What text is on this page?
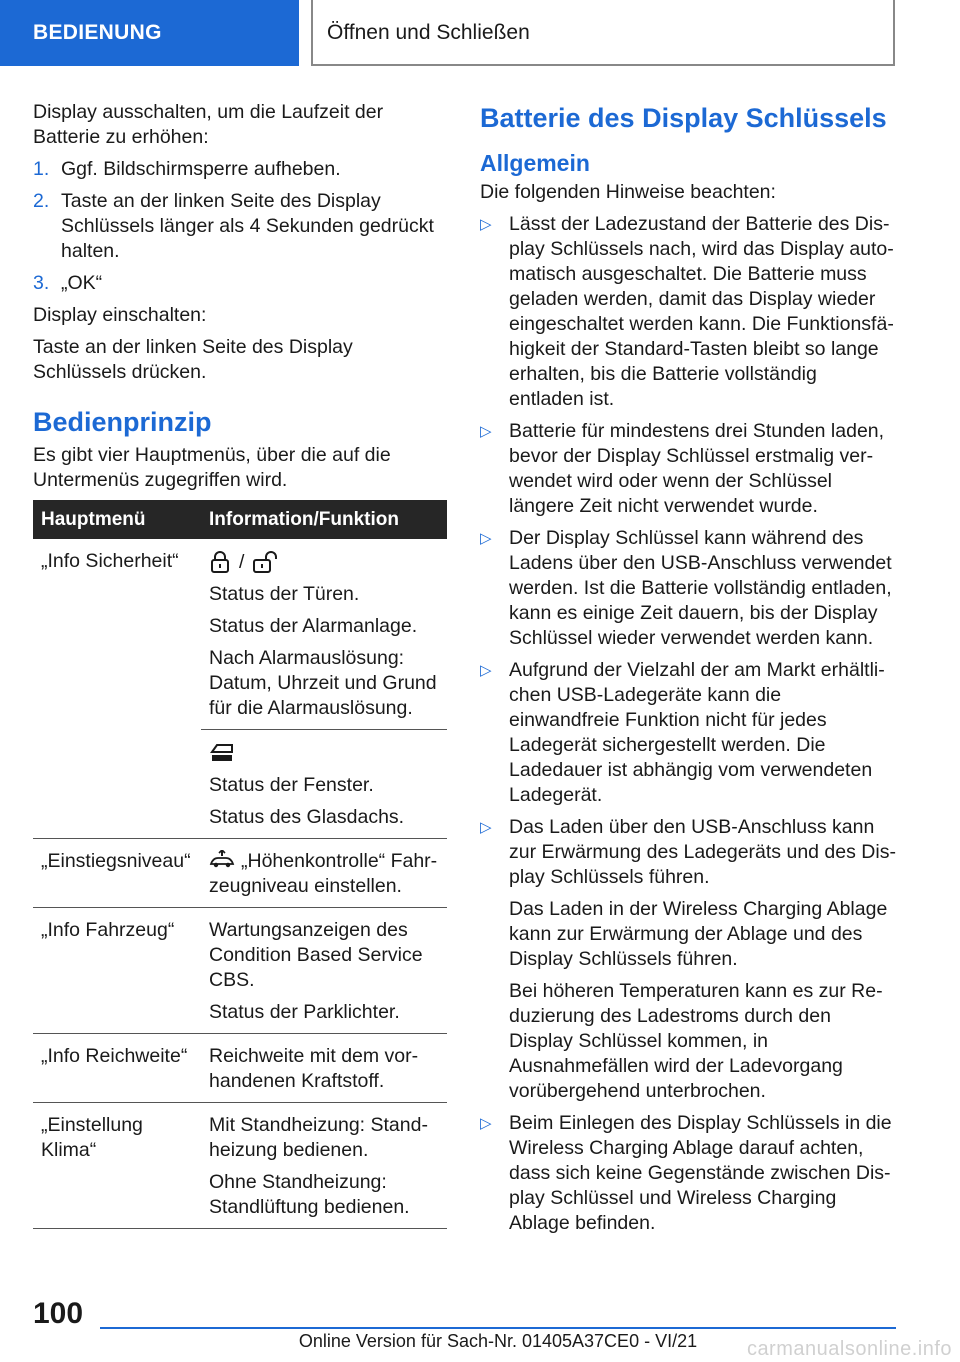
BEDIENUNG	Öffnen und Schließen

Display ausschalten, um die Laufzeit der Batterie zu erhöhen:

1. Ggf. Bildschirmsperre aufheben.
2. Taste an der linken Seite des Display Schlüssels länger als 4 Sekunden gedrückt halten.
3. „OK“

Display einschalten:

Taste an der linken Seite des Display Schlüssels drücken.

Bedienprinzip

Es gibt vier Hauptmenüs, über die auf die Untermenüs zugegriffen wird.

Hauptmenü	Information/Funktion
„Info Sicherheit“	/

Status der Türen.

Status der Alarmanlage.

Nach Alarmauslösung: Datum, Uhrzeit und Grund für die Alarmauslösung.

	Status der Fenster.

Status des Glasdachs.

„Einstiegsniveau“	„Höhenkontrolle“ Fahrzeugniveau einstellen.
„Info Fahrzeug“	Wartungsanzeigen des Condition Based Service CBS.

Status der Parklichter.

„Info Reichweite“	Reichweite mit dem vorhandenen Kraftstoff.
„Einstellung Klima“	Mit Standheizung: Standheizung bedienen.

Ohne Standheizung: Standlüftung bedienen.

Batterie des Display Schlüssels
Allgemein

Die folgenden Hinweise beachten:

▷ Lässt der Ladezustand der Batterie des Display Schlüssels nach, wird das Display automatisch ausgeschaltet. Die Batterie muss geladen werden, damit das Display wieder eingeschaltet werden kann. Die Funktionsfähigkeit der Standard-Tasten bleibt so lange erhalten, bis die Batterie vollständig entladen ist.

▷ Batterie für mindestens drei Stunden laden, bevor der Display Schlüssel erstmalig verwendet wird oder wenn der Schlüssel längere Zeit nicht verwendet wurde.

▷ Der Display Schlüssel kann während des Ladens über den USB-Anschluss verwendet werden. Ist die Batterie vollständig entladen, kann es einige Zeit dauern, bis der Display Schlüssel wieder verwendet werden kann.

▷ Aufgrund der Vielzahl der am Markt erhältlichen USB-Ladegeräte kann die einwandfreie Funktion nicht für jedes Ladegerät sichergestellt werden. Die Ladedauer ist abhängig vom verwendeten Ladegerät.

▷ Das Laden über den USB-Anschluss kann zur Erwärmung des Ladegeräts und des Display Schlüssels führen.

Das Laden in der Wireless Charging Ablage kann zur Erwärmung der Ablage und des Display Schlüssels führen.

Bei höheren Temperaturen kann es zur Reduzierung des Ladestroms durch den Display Schlüssel kommen, in Ausnahmefällen wird der Ladevorgang vorübergehend unterbrochen.

▷ Beim Einlegen des Display Schlüssels in die Wireless Charging Ablage darauf achten, dass sich keine Gegenstände zwischen Display Schlüssel und Wireless Charging Ablage befinden.

100
Online Version für Sach-Nr. 01405A37CE0 - VI/21	carmanualsonline.info
